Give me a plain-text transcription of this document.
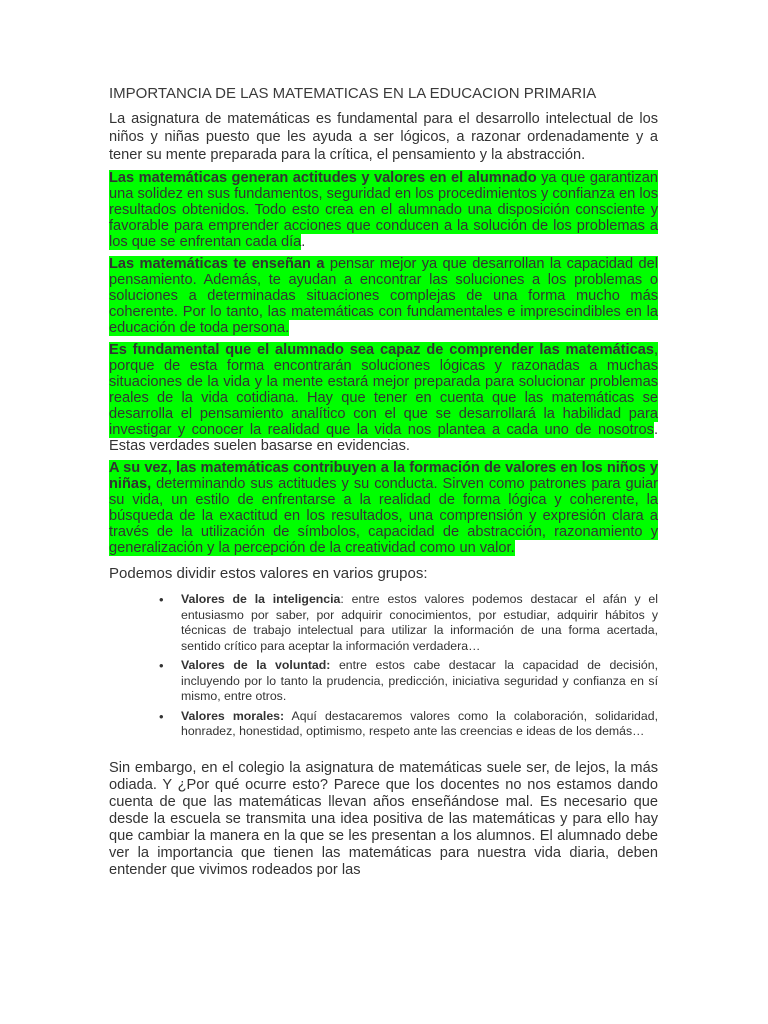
IMPORTANCIA DE LAS MATEMATICAS EN LA EDUCACION PRIMARIA

La asignatura de matemáticas es fundamental para el desarrollo intelectual de los niños y niñas puesto que les ayuda a ser lógicos, a razonar ordenadamente y a tener su mente preparada para la crítica, el pensamiento y la abstracción.

Las matemáticas generan actitudes y valores en el alumnado ya que garantizan una solidez en sus fundamentos, seguridad en los procedimientos y confianza en los resultados obtenidos. Todo esto crea en el alumnado una disposición consciente y favorable para emprender acciones que conducen a la solución de los problemas a los que se enfrentan cada día.

Las matemáticas te enseñan a pensar mejor ya que desarrollan la capacidad del pensamiento. Además, te ayudan a encontrar las soluciones a los problemas o soluciones a determinadas situaciones complejas de una forma mucho más coherente. Por lo tanto, las matemáticas con fundamentales e imprescindibles en la educación de toda persona.

Es fundamental que el alumnado sea capaz de comprender las matemáticas, porque de esta forma encontrarán soluciones lógicas y razonadas a muchas situaciones de la vida y la mente estará mejor preparada para solucionar problemas reales de la vida cotidiana. Hay que tener en cuenta que las matemáticas se desarrolla el pensamiento analítico con el que se desarrollará la habilidad para investigar y conocer la realidad que la vida nos plantea a cada uno de nosotros. Estas verdades suelen basarse en evidencias.

A su vez, las matemáticas contribuyen a la formación de valores en los niños y niñas, determinando sus actitudes y su conducta. Sirven como patrones para guiar su vida, un estilo de enfrentarse a la realidad de forma lógica y coherente, la búsqueda de la exactitud en los resultados, una comprensión y expresión clara a través de la utilización de símbolos, capacidad de abstracción, razonamiento y generalización y la percepción de la creatividad como un valor.

Podemos dividir estos valores en varios grupos:
• Valores de la inteligencia: entre estos valores podemos destacar el afán y el entusiasmo por saber, por adquirir conocimientos, por estudiar, adquirir hábitos y técnicas de trabajo intelectual para utilizar la información de una forma acertada, sentido crítico para aceptar la información verdadera…
• Valores de la voluntad: entre estos cabe destacar la capacidad de decisión, incluyendo por lo tanto la prudencia, predicción, iniciativa seguridad y confianza en sí mismo, entre otros.
• Valores morales: Aquí destacaremos valores como la colaboración, solidaridad, honradez, honestidad, optimismo, respeto ante las creencias e ideas de los demás…

Sin embargo, en el colegio la asignatura de matemáticas suele ser, de lejos, la más odiada. Y ¿Por qué ocurre esto? Parece que los docentes no nos estamos dando cuenta de que las matemáticas llevan años enseñándose mal. Es necesario que desde la escuela se transmita una idea positiva de las matemáticas y para ello hay que cambiar la manera en la que se les presentan a los alumnos. El alumnado debe ver la importancia que tienen las matemáticas para nuestra vida diaria, deben entender que vivimos rodeados por las
